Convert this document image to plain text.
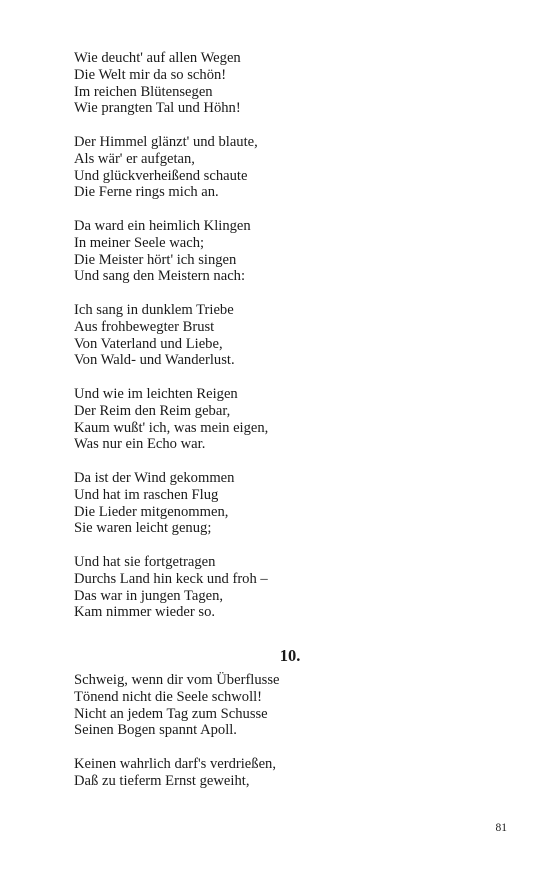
Wie deucht' auf allen Wegen
Die Welt mir da so schön!
Im reichen Blütensegen
Wie prangten Tal und Höhn!
Der Himmel glänzt' und blaute,
Als wär' er aufgetan,
Und glückverheißend schaute
Die Ferne rings mich an.
Da ward ein heimlich Klingen
In meiner Seele wach;
Die Meister hört' ich singen
Und sang den Meistern nach:
Ich sang in dunklem Triebe
Aus frohbewegter Brust
Von Vaterland und Liebe,
Von Wald- und Wanderlust.
Und wie im leichten Reigen
Der Reim den Reim gebar,
Kaum wußt' ich, was mein eigen,
Was nur ein Echo war.
Da ist der Wind gekommen
Und hat im raschen Flug
Die Lieder mitgenommen,
Sie waren leicht genug;
Und hat sie fortgetragen
Durchs Land hin keck und froh –
Das war in jungen Tagen,
Kam nimmer wieder so.
10.
Schweig, wenn dir vom Überflusse
Tönend nicht die Seele schwoll!
Nicht an jedem Tag zum Schusse
Seinen Bogen spannt Apoll.
Keinen wahrlich darf's verdrießen,
Daß zu tieferm Ernst geweiht,
81
